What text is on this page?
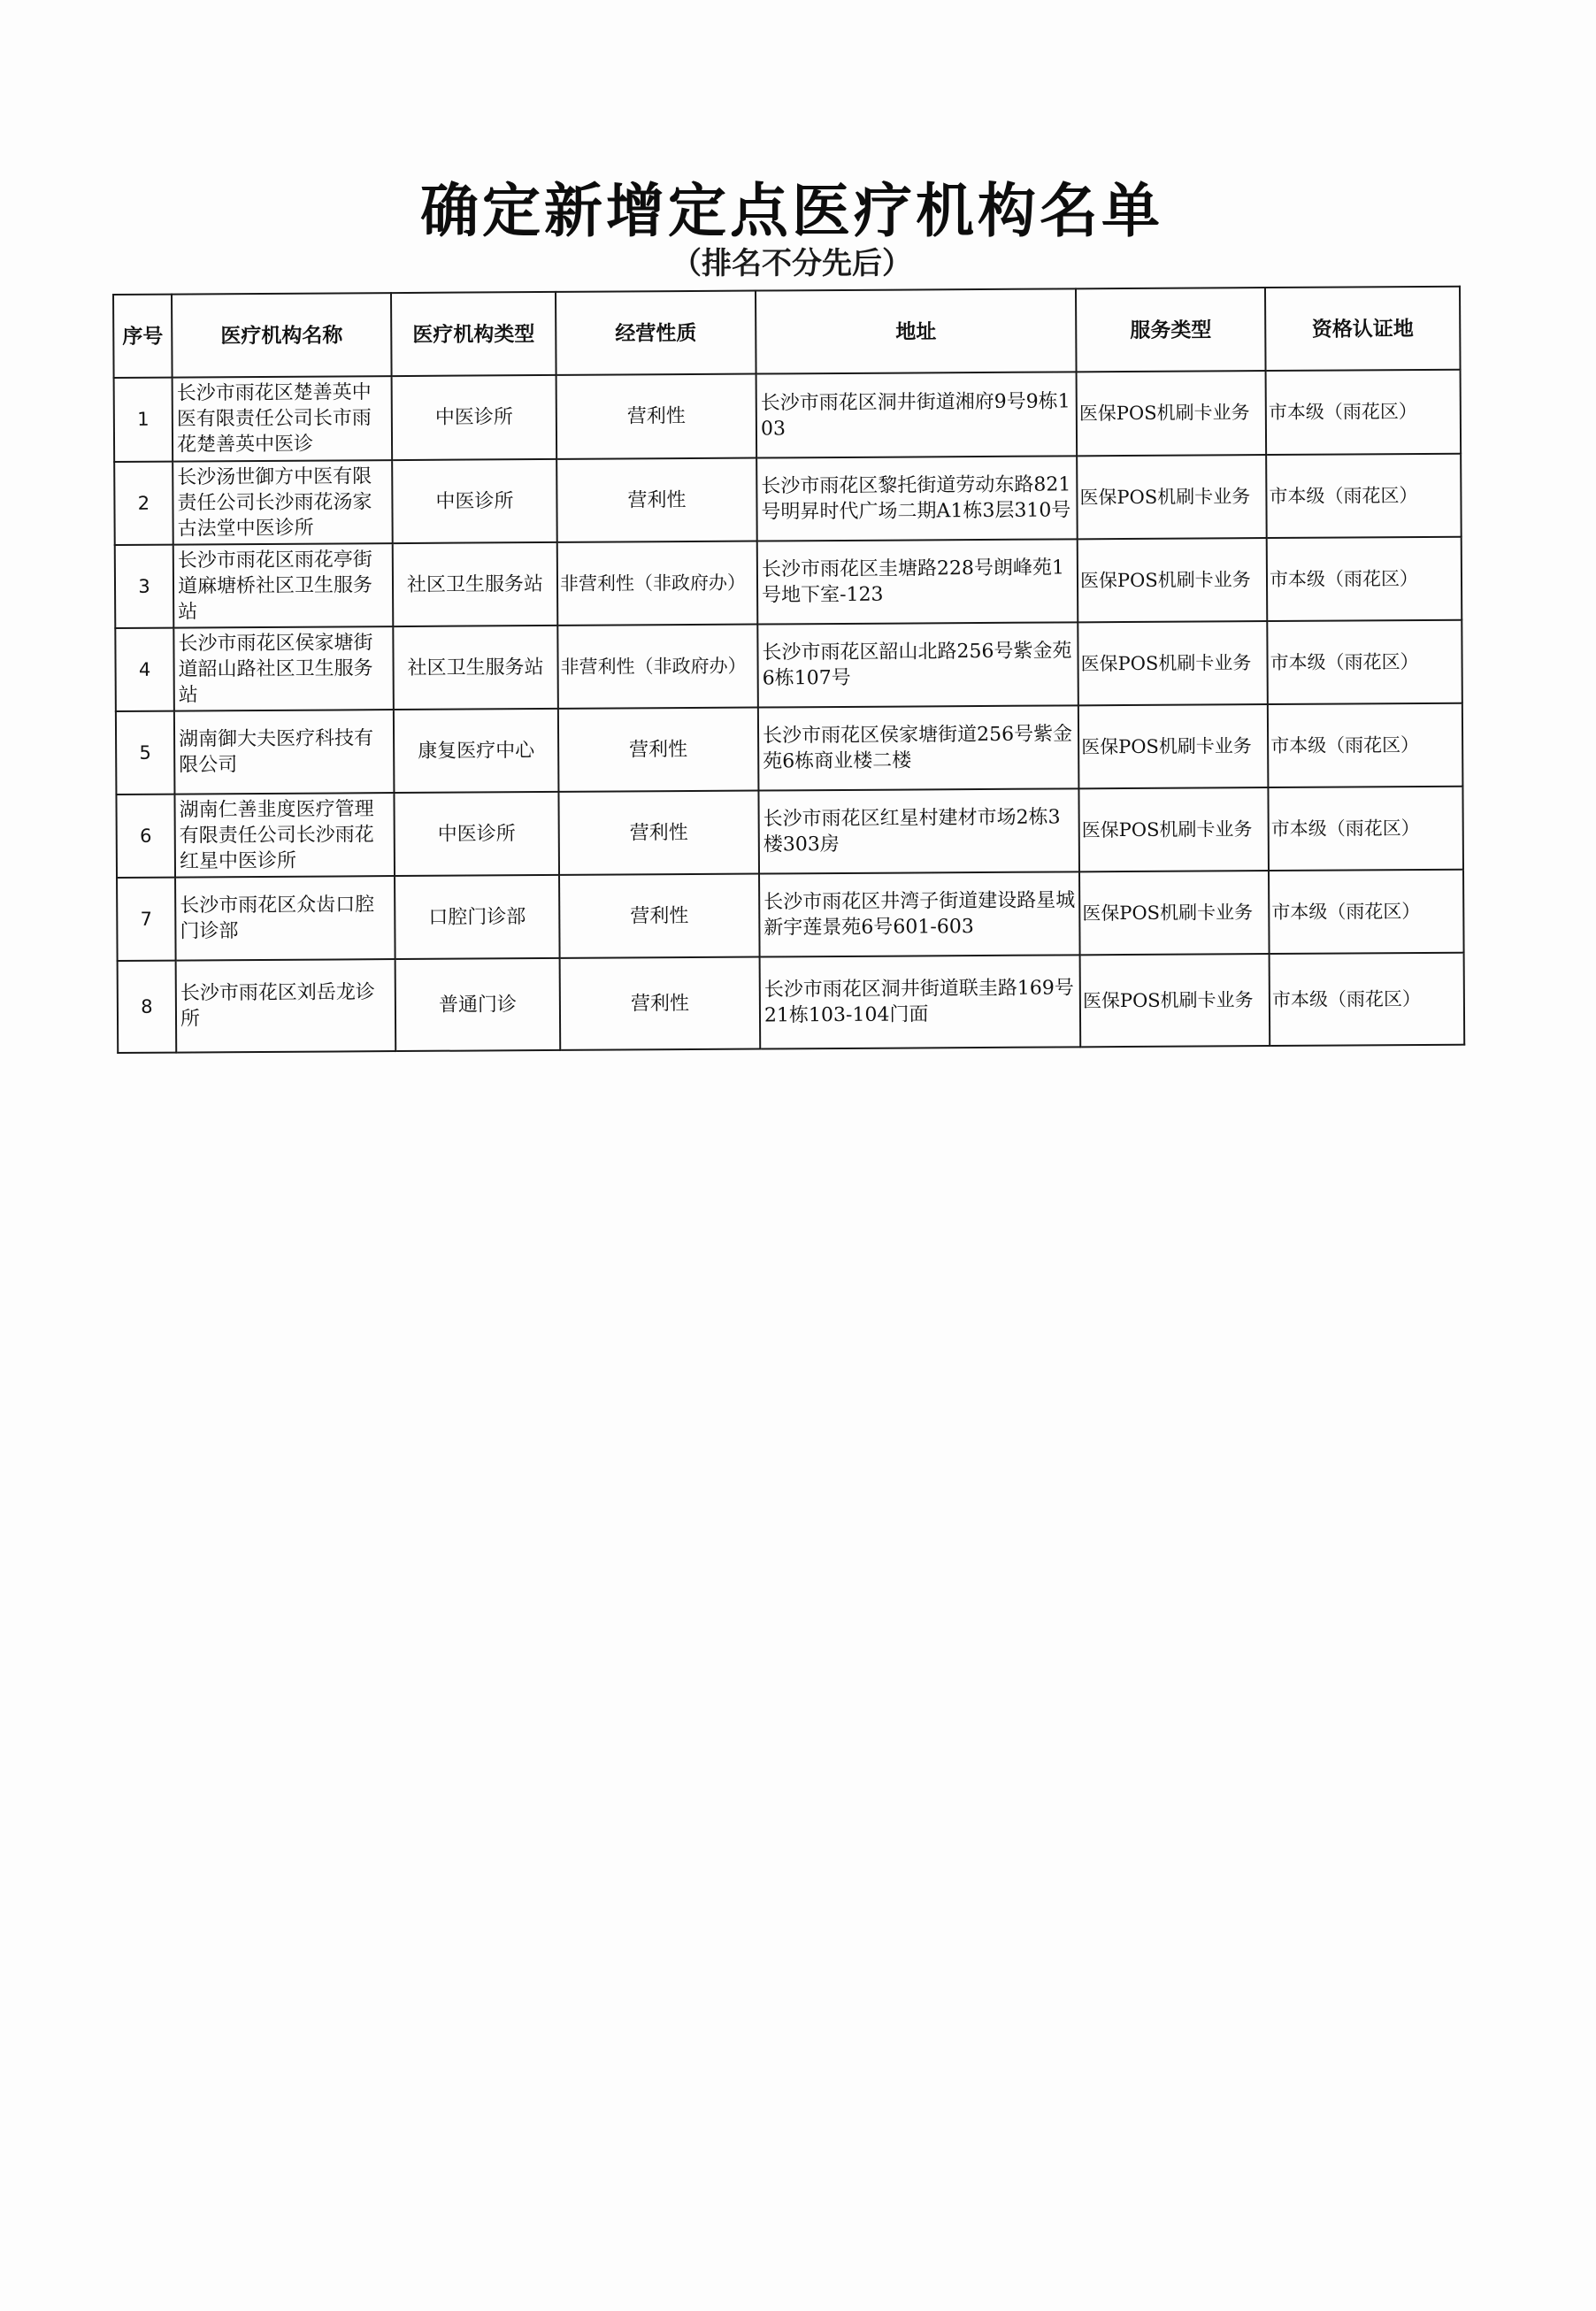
确定新增定点医疗机构名单
（排名不分先后）
序号	医疗机构名称	医疗机构类型	经营性质	地址	服务类型	资格认证地
1	长沙市雨花区楚善英中医有限责任公司长市雨花楚善英中医诊	中医诊所	营利性	长沙市雨花区洞井街道湘府9号9栋103	医保POS机刷卡业务	市本级（雨花区）
2	长沙汤世御方中医有限责任公司长沙雨花汤家古法堂中医诊所	中医诊所	营利性	长沙市雨花区黎托街道劳动东路821号明昇时代广场二期A1栋3层310号	医保POS机刷卡业务	市本级（雨花区）
3	长沙市雨花区雨花亭街道麻塘桥社区卫生服务站	社区卫生服务站	非营利性（非政府办）	长沙市雨花区圭塘路228号朗峰苑1号地下室-123	医保POS机刷卡业务	市本级（雨花区）
4	长沙市雨花区侯家塘街道韶山路社区卫生服务站	社区卫生服务站	非营利性（非政府办）	长沙市雨花区韶山北路256号紫金苑6栋107号	医保POS机刷卡业务	市本级（雨花区）
5	湖南御大夫医疗科技有限公司	康复医疗中心	营利性	长沙市雨花区侯家塘街道256号紫金苑6栋商业楼二楼	医保POS机刷卡业务	市本级（雨花区）
6	湖南仁善韭度医疗管理有限责任公司长沙雨花红星中医诊所	中医诊所	营利性	长沙市雨花区红星村建材市场2栋3楼303房	医保POS机刷卡业务	市本级（雨花区）
7	长沙市雨花区众齿口腔门诊部	口腔门诊部	营利性	长沙市雨花区井湾子街道建设路星城新宇莲景苑6号601-603	医保POS机刷卡业务	市本级（雨花区）
8	长沙市雨花区刘岳龙诊所	普通门诊	营利性	长沙市雨花区洞井街道联圭路169号21栋103-104门面	医保POS机刷卡业务	市本级（雨花区）
